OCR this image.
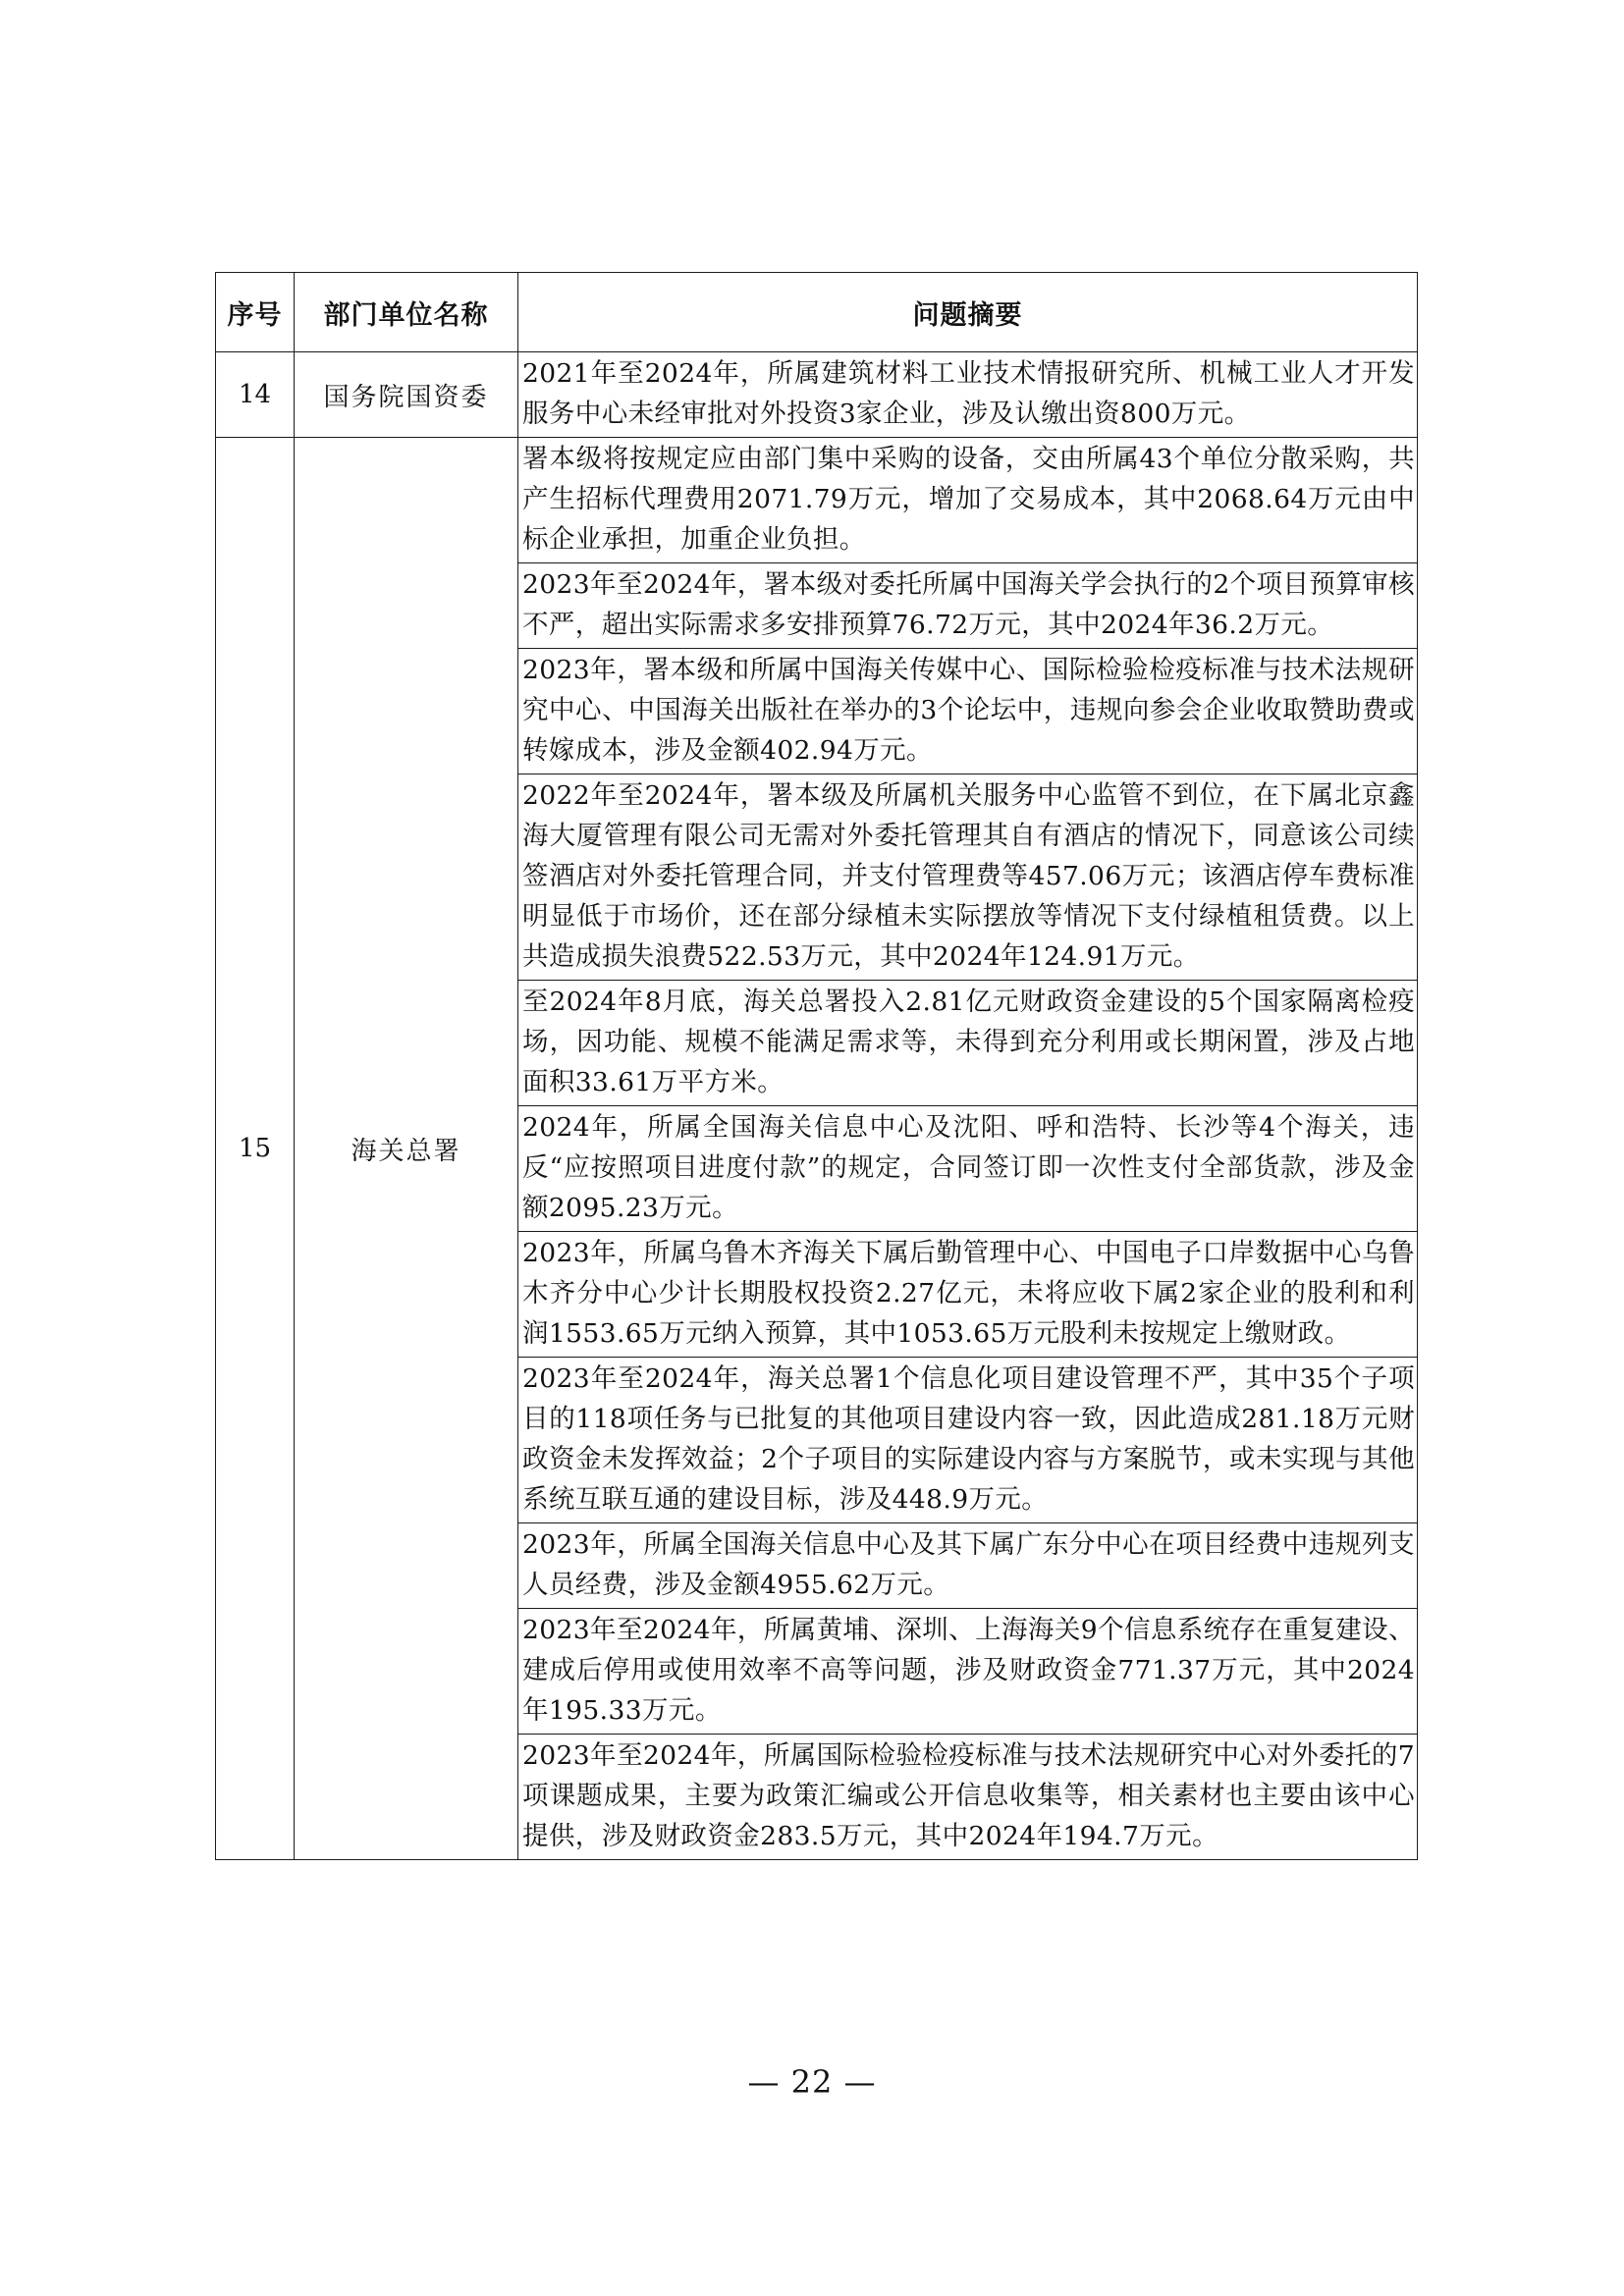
序号	部门单位名称	问题摘要
14	国务院国资委	2021年至2024年，所属建筑材料工业技术情报研究所、机械工业人才开发服务中心未经审批对外投资3家企业，涉及认缴出资800万元。
15	海关总署	署本级将按规定应由部门集中采购的设备，交由所属43个单位分散采购，共产生招标代理费用2071.79万元，增加了交易成本，其中2068.64万元由中标企业承担，加重企业负担。
		2023年至2024年，署本级对委托所属中国海关学会执行的2个项目预算审核不严，超出实际需求多安排预算76.72万元，其中2024年36.2万元。
		2023年，署本级和所属中国海关传媒中心、国际检验检疫标准与技术法规研究中心、中国海关出版社在举办的3个论坛中，违规向参会企业收取赞助费或转嫁成本，涉及金额402.94万元。
		2022年至2024年，署本级及所属机关服务中心监管不到位，在下属北京鑫海大厦管理有限公司无需对外委托管理其自有酒店的情况下，同意该公司续签酒店对外委托管理合同，并支付管理费等457.06万元；该酒店停车费标准明显低于市场价，还在部分绿植未实际摆放等情况下支付绿植租赁费。以上共造成损失浪费522.53万元，其中2024年124.91万元。
		至2024年8月底，海关总署投入2.81亿元财政资金建设的5个国家隔离检疫场，因功能、规模不能满足需求等，未得到充分利用或长期闲置，涉及占地面积33.61万平方米。
		2024年，所属全国海关信息中心及沈阳、呼和浩特、长沙等4个海关，违反“应按照项目进度付款”的规定，合同签订即一次性支付全部货款，涉及金额2095.23万元。
		2023年，所属乌鲁木齐海关下属后勤管理中心、中国电子口岸数据中心乌鲁木齐分中心少计长期股权投资2.27亿元，未将应收下属2家企业的股利和利润1553.65万元纳入预算，其中1053.65万元股利未按规定上缴财政。
		2023年至2024年，海关总署1个信息化项目建设管理不严，其中35个子项目的118项任务与已批复的其他项目建设内容一致，因此造成281.18万元财政资金未发挥效益；2个子项目的实际建设内容与方案脱节，或未实现与其他系统互联互通的建设目标，涉及448.9万元。
		2023年，所属全国海关信息中心及其下属广东分中心在项目经费中违规列支人员经费，涉及金额4955.62万元。
		2023年至2024年，所属黄埔、深圳、上海海关9个信息系统存在重复建设、建成后停用或使用效率不高等问题，涉及财政资金771.37万元，其中2024年195.33万元。
		2023年至2024年，所属国际检验检疫标准与技术法规研究中心对外委托的7项课题成果，主要为政策汇编或公开信息收集等，相关素材也主要由该中心提供，涉及财政资金283.5万元，其中2024年194.7万元。
— 22 —
